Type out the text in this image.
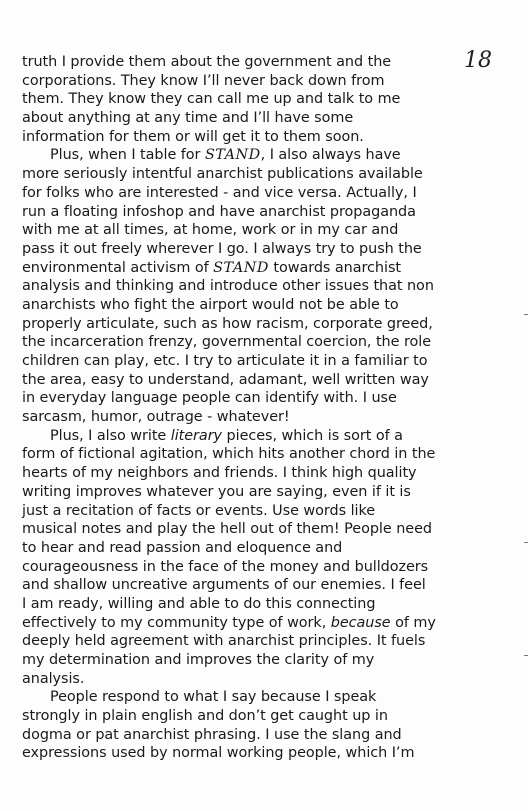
18
truth I provide them about the government and the
corporations. They know I’ll never back down from
them. They know they can call me up and talk to me
about anything at any time and I’ll have some
information for them or will get it to them soon.
Plus, when I table for STAND, I also always have
more seriously intentful anarchist publications available
for folks who are interested - and vice versa. Actually, I
run a floating infoshop and have anarchist propaganda
with me at all times, at home, work or in my car and
pass it out freely wherever I go. I always try to push the
environmental activism of STAND towards anarchist
analysis and thinking and introduce other issues that non
anarchists who fight the airport would not be able to
properly articulate, such as how racism, corporate greed,
the incarceration frenzy, governmental coercion, the role
children can play, etc. I try to articulate it in a familiar to
the area, easy to understand, adamant, well written way
in everyday language people can identify with. I use
sarcasm, humor, outrage - whatever!
Plus, I also write literary pieces, which is sort of a
form of fictional agitation, which hits another chord in the
hearts of my neighbors and friends. I think high quality
writing improves whatever you are saying, even if it is
just a recitation of facts or events. Use words like
musical notes and play the hell out of them! People need
to hear and read passion and eloquence and
courageousness in the face of the money and bulldozers
and shallow uncreative arguments of our enemies. I feel
I am ready, willing and able to do this connecting
effectively to my community type of work, because of my
deeply held agreement with anarchist principles. It fuels
my determination and improves the clarity of my
analysis.
People respond to what I say because I speak
strongly in plain english and don’t get caught up in
dogma or pat anarchist phrasing. I use the slang and
expressions used by normal working people, which I’m
